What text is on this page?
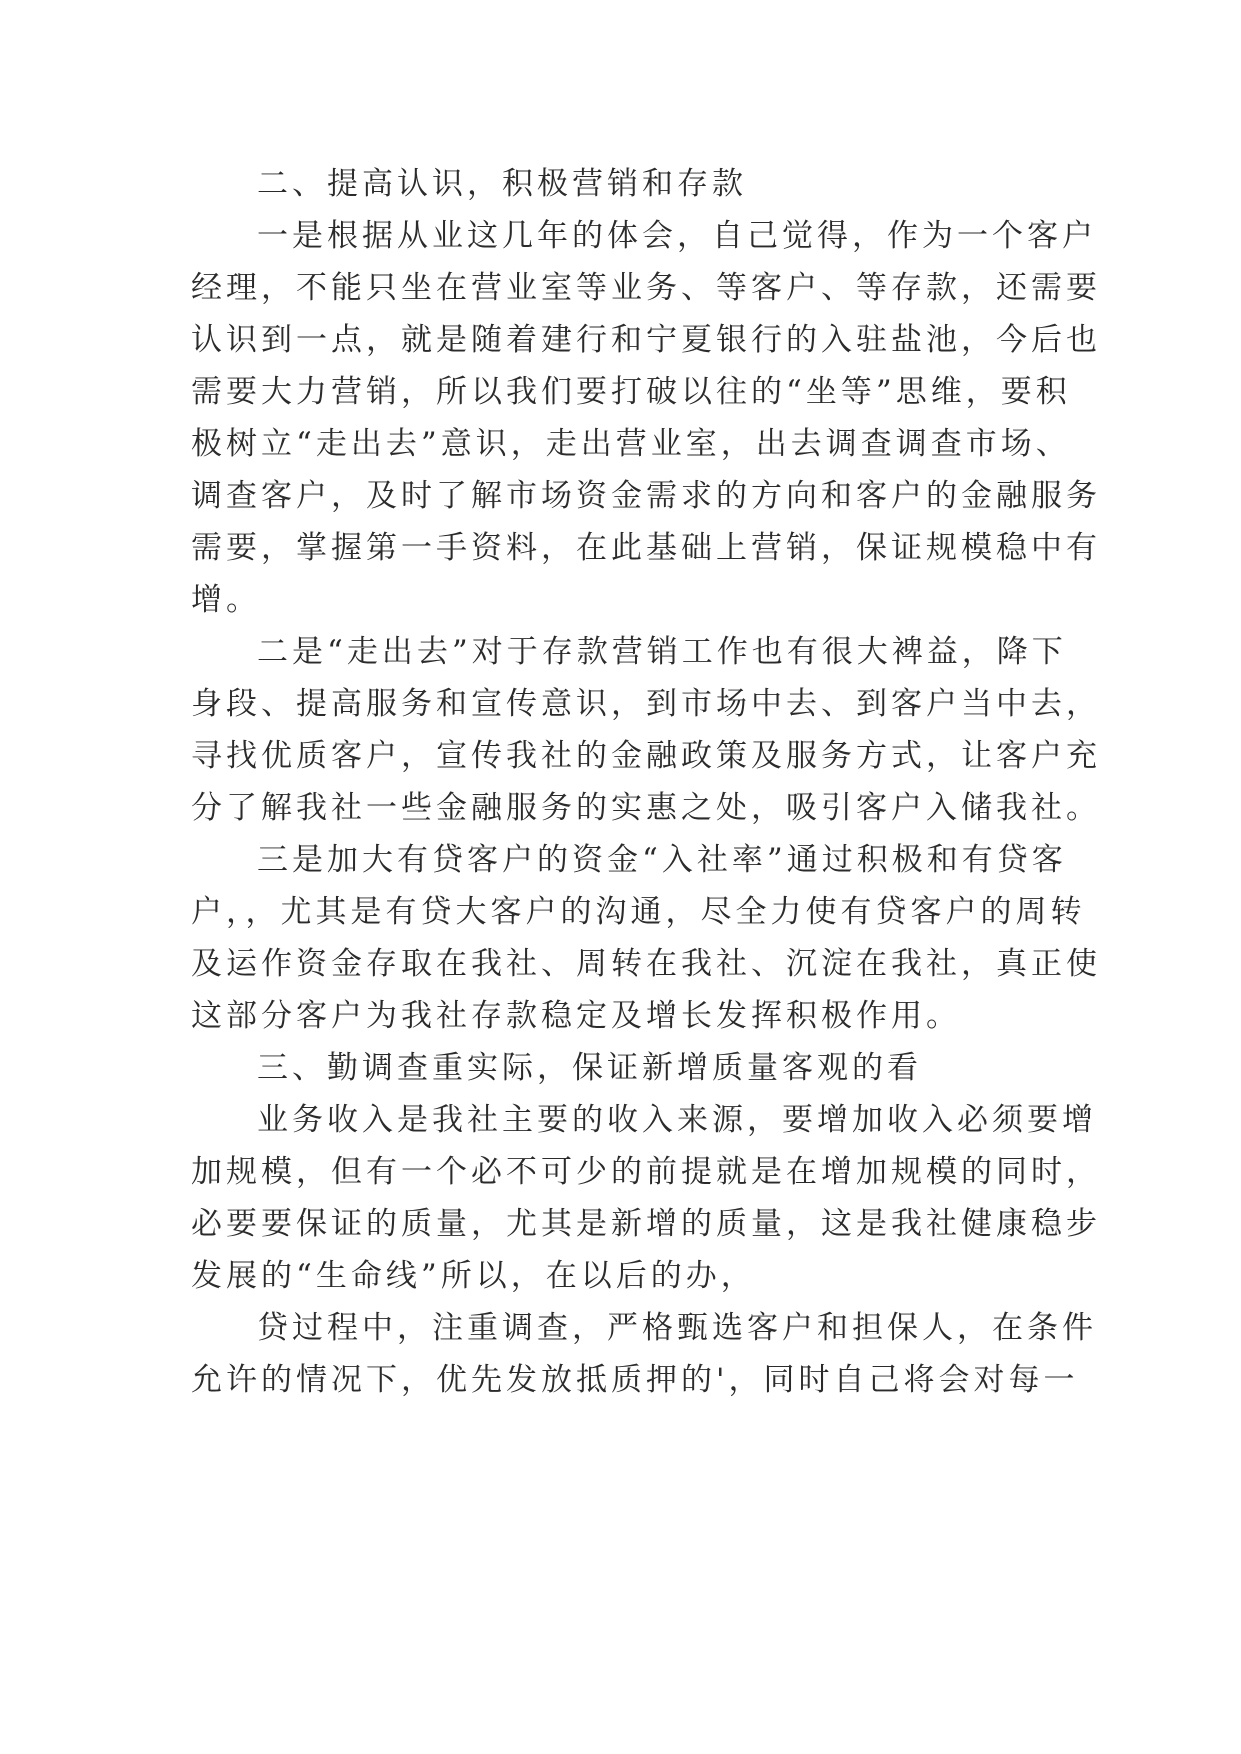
二、提高认识，积极营销和存款
一是根据从业这几年的体会，自己觉得，作为一个客户
经理，不能只坐在营业室等业务、等客户、等存款，还需要
认识到一点，就是随着建行和宁夏银行的入驻盐池，今后也
需要大力营销，所以我们要打破以往的“坐等”思维，要积
极树立“走出去”意识，走出营业室，出去调查调查市场、
调查客户，及时了解市场资金需求的方向和客户的金融服务
需要，掌握第一手资料，在此基础上营销，保证规模稳中有
增。
二是“走出去”对于存款营销工作也有很大裨益，降下
身段、提高服务和宣传意识，到市场中去、到客户当中去，
寻找优质客户，宣传我社的金融政策及服务方式，让客户充
分了解我社一些金融服务的实惠之处，吸引客户入储我社。
三是加大有贷客户的资金“入社率”通过积极和有贷客
户，，尤其是有贷大客户的沟通，尽全力使有贷客户的周转
及运作资金存取在我社、周转在我社、沉淀在我社，真正使
这部分客户为我社存款稳定及增长发挥积极作用。
三、勤调查重实际，保证新增质量客观的看
业务收入是我社主要的收入来源，要增加收入必须要增
加规模，但有一个必不可少的前提就是在增加规模的同时，
必要要保证的质量，尤其是新增的质量，这是我社健康稳步
发展的“生命线”所以，在以后的办，
贷过程中，注重调查，严格甄选客户和担保人，在条件
允许的情况下，优先发放抵质押的'，同时自己将会对每一
